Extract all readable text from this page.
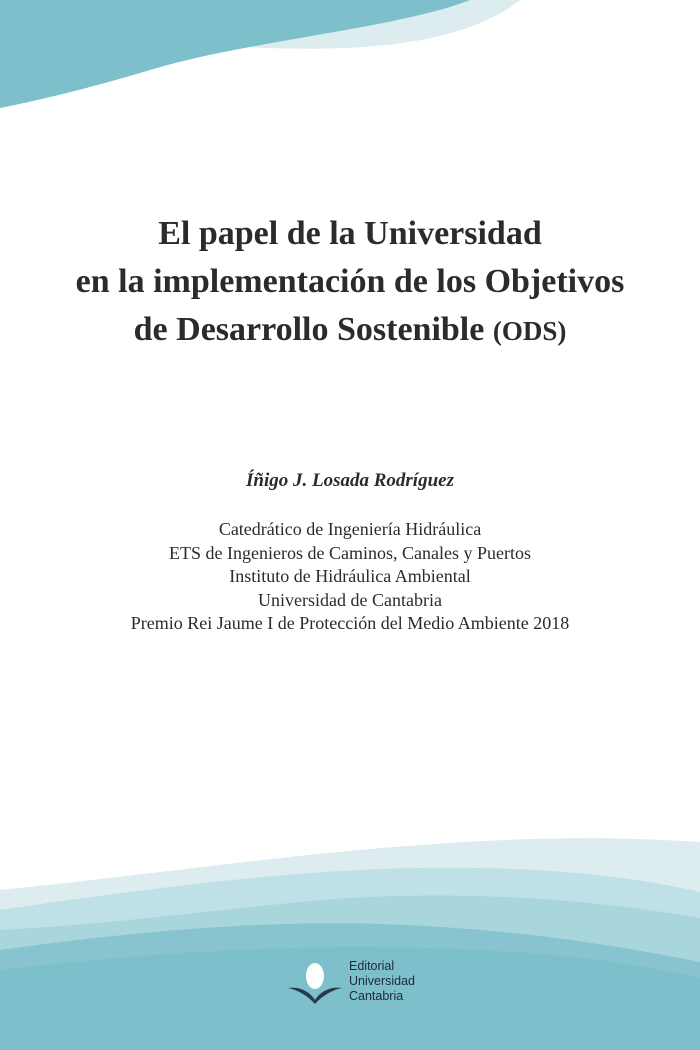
El papel de la Universidad
en la implementación de los Objetivos
de Desarrollo Sostenible (ODS)
Íñigo J. Losada Rodríguez
Catedrático de Ingeniería Hidráulica
ETS de Ingenieros de Caminos, Canales y Puertos
Instituto de Hidráulica Ambiental
Universidad de Cantabria
Premio Rei Jaume I de Protección del Medio Ambiente 2018
Editorial
Universidad
Cantabria
